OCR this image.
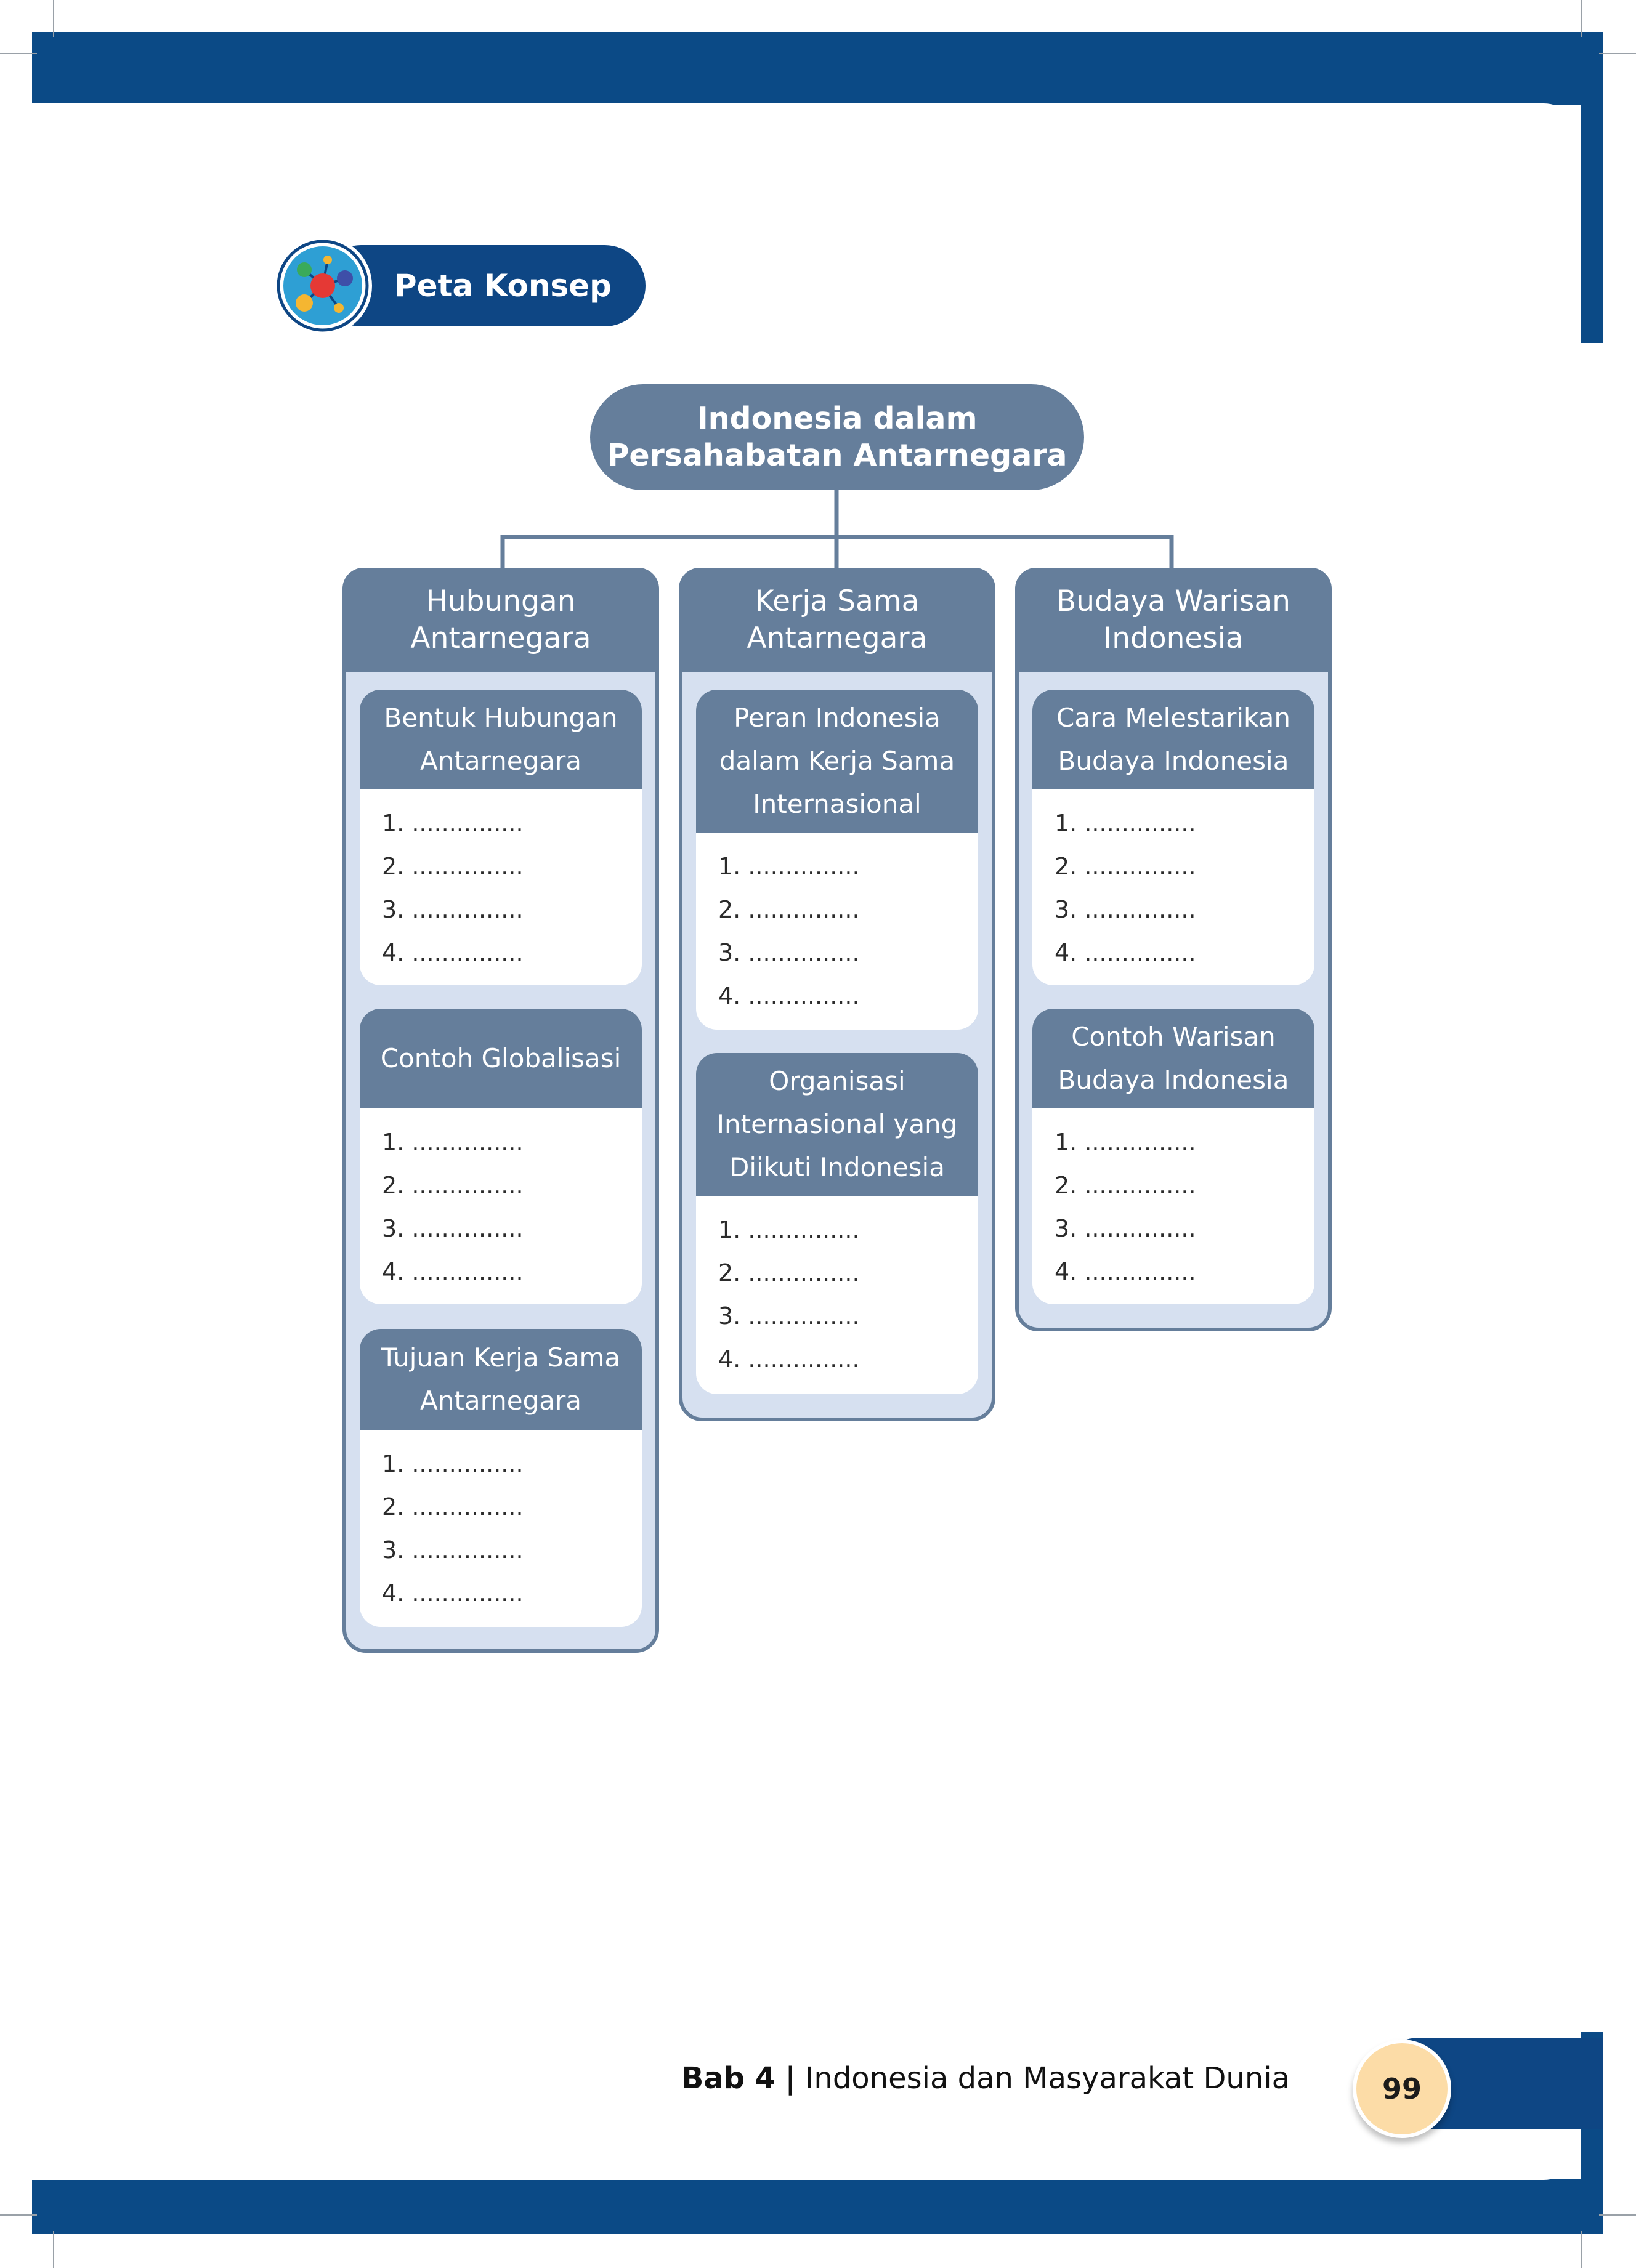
Peta Konsep
Indonesia dalam
Persahabatan Antarnegara
Hubungan
Antarnegara
Bentuk Hubungan
Antarnegara
1. ...............
2. ...............
3. ...............
4. ...............
Contoh Globalisasi
1. ...............
2. ...............
3. ...............
4. ...............
Tujuan Kerja Sama
Antarnegara
1. ...............
2. ...............
3. ...............
4. ...............
Kerja Sama
Antarnegara
Peran Indonesia
dalam Kerja Sama
Internasional
1. ...............
2. ...............
3. ...............
4. ...............
Organisasi
Internasional yang
Diikuti Indonesia
1. ...............
2. ...............
3. ...............
4. ...............
Budaya Warisan
Indonesia
Cara Melestarikan
Budaya Indonesia
1. ...............
2. ...............
3. ...............
4. ...............
Contoh Warisan
Budaya Indonesia
1. ...............
2. ...............
3. ...............
4. ...............
Bab 4 | Indonesia dan Masyarakat Dunia	99
